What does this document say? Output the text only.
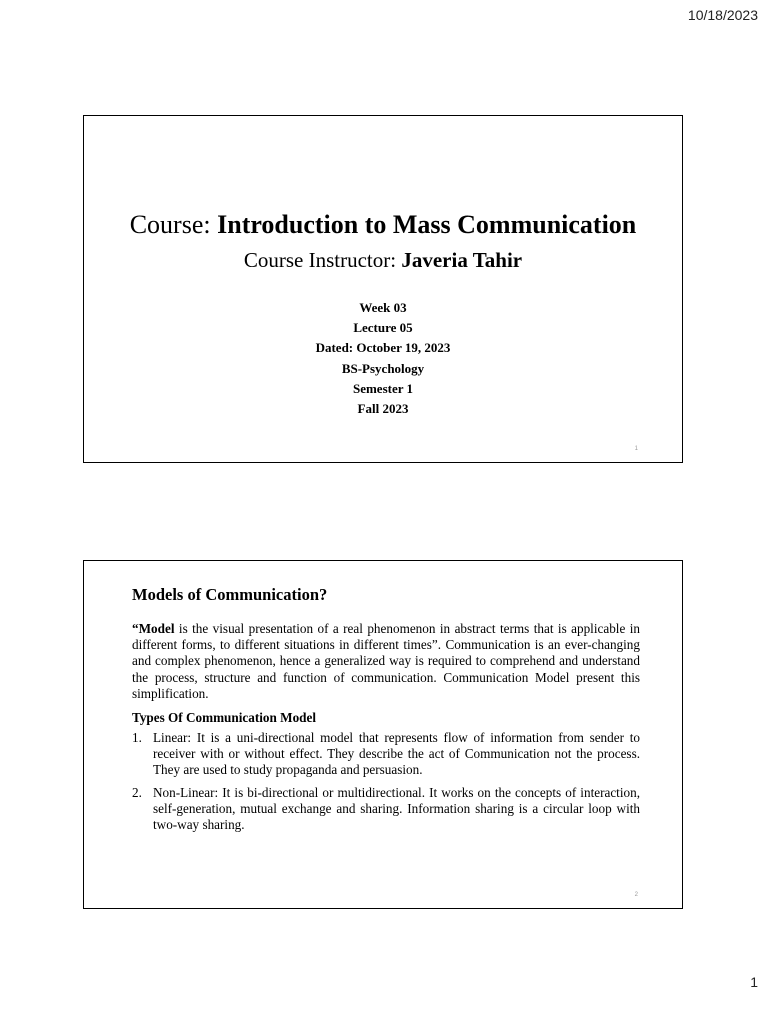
10/18/2023
Course: Introduction to Mass Communication
Course Instructor: Javeria Tahir
Week 03
Lecture 05
Dated: October 19, 2023
BS-Psychology
Semester 1
Fall 2023
1
Models of Communication?

“Model is the visual presentation of a real phenomenon in abstract terms that is applicable in different forms, to different situations in different times”. Communication is an ever-changing and complex phenomenon, hence a generalized way is required to comprehend and understand the process, structure and function of communication. Communication Model present this simplification.

Types Of Communication Model
1. Linear: It is a uni-directional model that represents flow of information from sender to receiver with or without effect. They describe the act of Communication not the process. They are used to study propaganda and persuasion.
2. Non-Linear: It is bi-directional or multidirectional. It works on the concepts of interaction, self-generation, mutual exchange and sharing. Information sharing is a circular loop with two-way sharing.
2
1
